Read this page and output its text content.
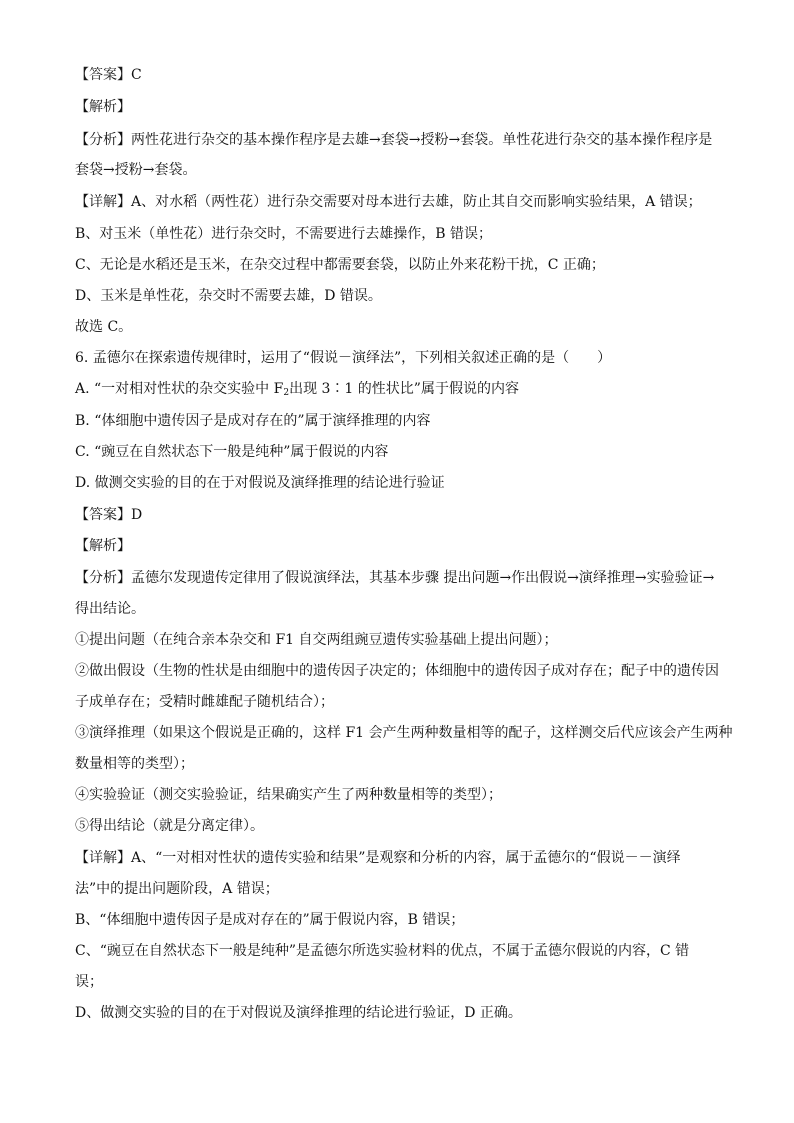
【答案】C
【解析】
【分析】两性花进行杂交的基本操作程序是去雄→套袋→授粉→套袋。单性花进行杂交的基本操作程序是
套袋→授粉→套袋。
【详解】A、对水稻（两性花）进行杂交需要对母本进行去雄，防止其自交而影响实验结果，A 错误；
B、对玉米（单性花）进行杂交时，不需要进行去雄操作，B 错误；
C、无论是水稻还是玉米，在杂交过程中都需要套袋，以防止外来花粉干扰，C 正确；
D、玉米是单性花，杂交时不需要去雄，D 错误。
故选 C。
6. 孟德尔在探索遗传规律时，运用了“假说－演绎法”，下列相关叙述正确的是（　　）
A. “一对相对性状的杂交实验中 $F_2$出现 3∶1 的性状比”属于假说的内容
B. “体细胞中遗传因子是成对存在的”属于演绎推理的内容
C. “豌豆在自然状态下一般是纯种”属于假说的内容
D. 做测交实验的目的在于对假说及演绎推理的结论进行验证
【答案】D
【解析】
【分析】孟德尔发现遗传定律用了假说演绎法，其基本步骤 提出问题→作出假说→演绎推理→实验验证→
得出结论。
①提出问题（在纯合亲本杂交和 F1 自交两组豌豆遗传实验基础上提出问题）；
②做出假设（生物的性状是由细胞中的遗传因子决定的；体细胞中的遗传因子成对存在；配子中的遗传因
子成单存在；受精时雌雄配子随机结合）；
③演绎推理（如果这个假说是正确的，这样 F1 会产生两种数量相等的配子，这样测交后代应该会产生两种
数量相等的类型）；
④实验验证（测交实验验证，结果确实产生了两种数量相等的类型）；
⑤得出结论（就是分离定律）。
【详解】A、“一对相对性状的遗传实验和结果”是观察和分析的内容，属于孟德尔的“假说－－演绎
法”中的提出问题阶段，A 错误；
B、“体细胞中遗传因子是成对存在的”属于假说内容，B 错误；
C、“豌豆在自然状态下一般是纯种”是孟德尔所选实验材料的优点，不属于孟德尔假说的内容，C 错
误；
D、做测交实验的目的在于对假说及演绎推理的结论进行验证，D 正确。
